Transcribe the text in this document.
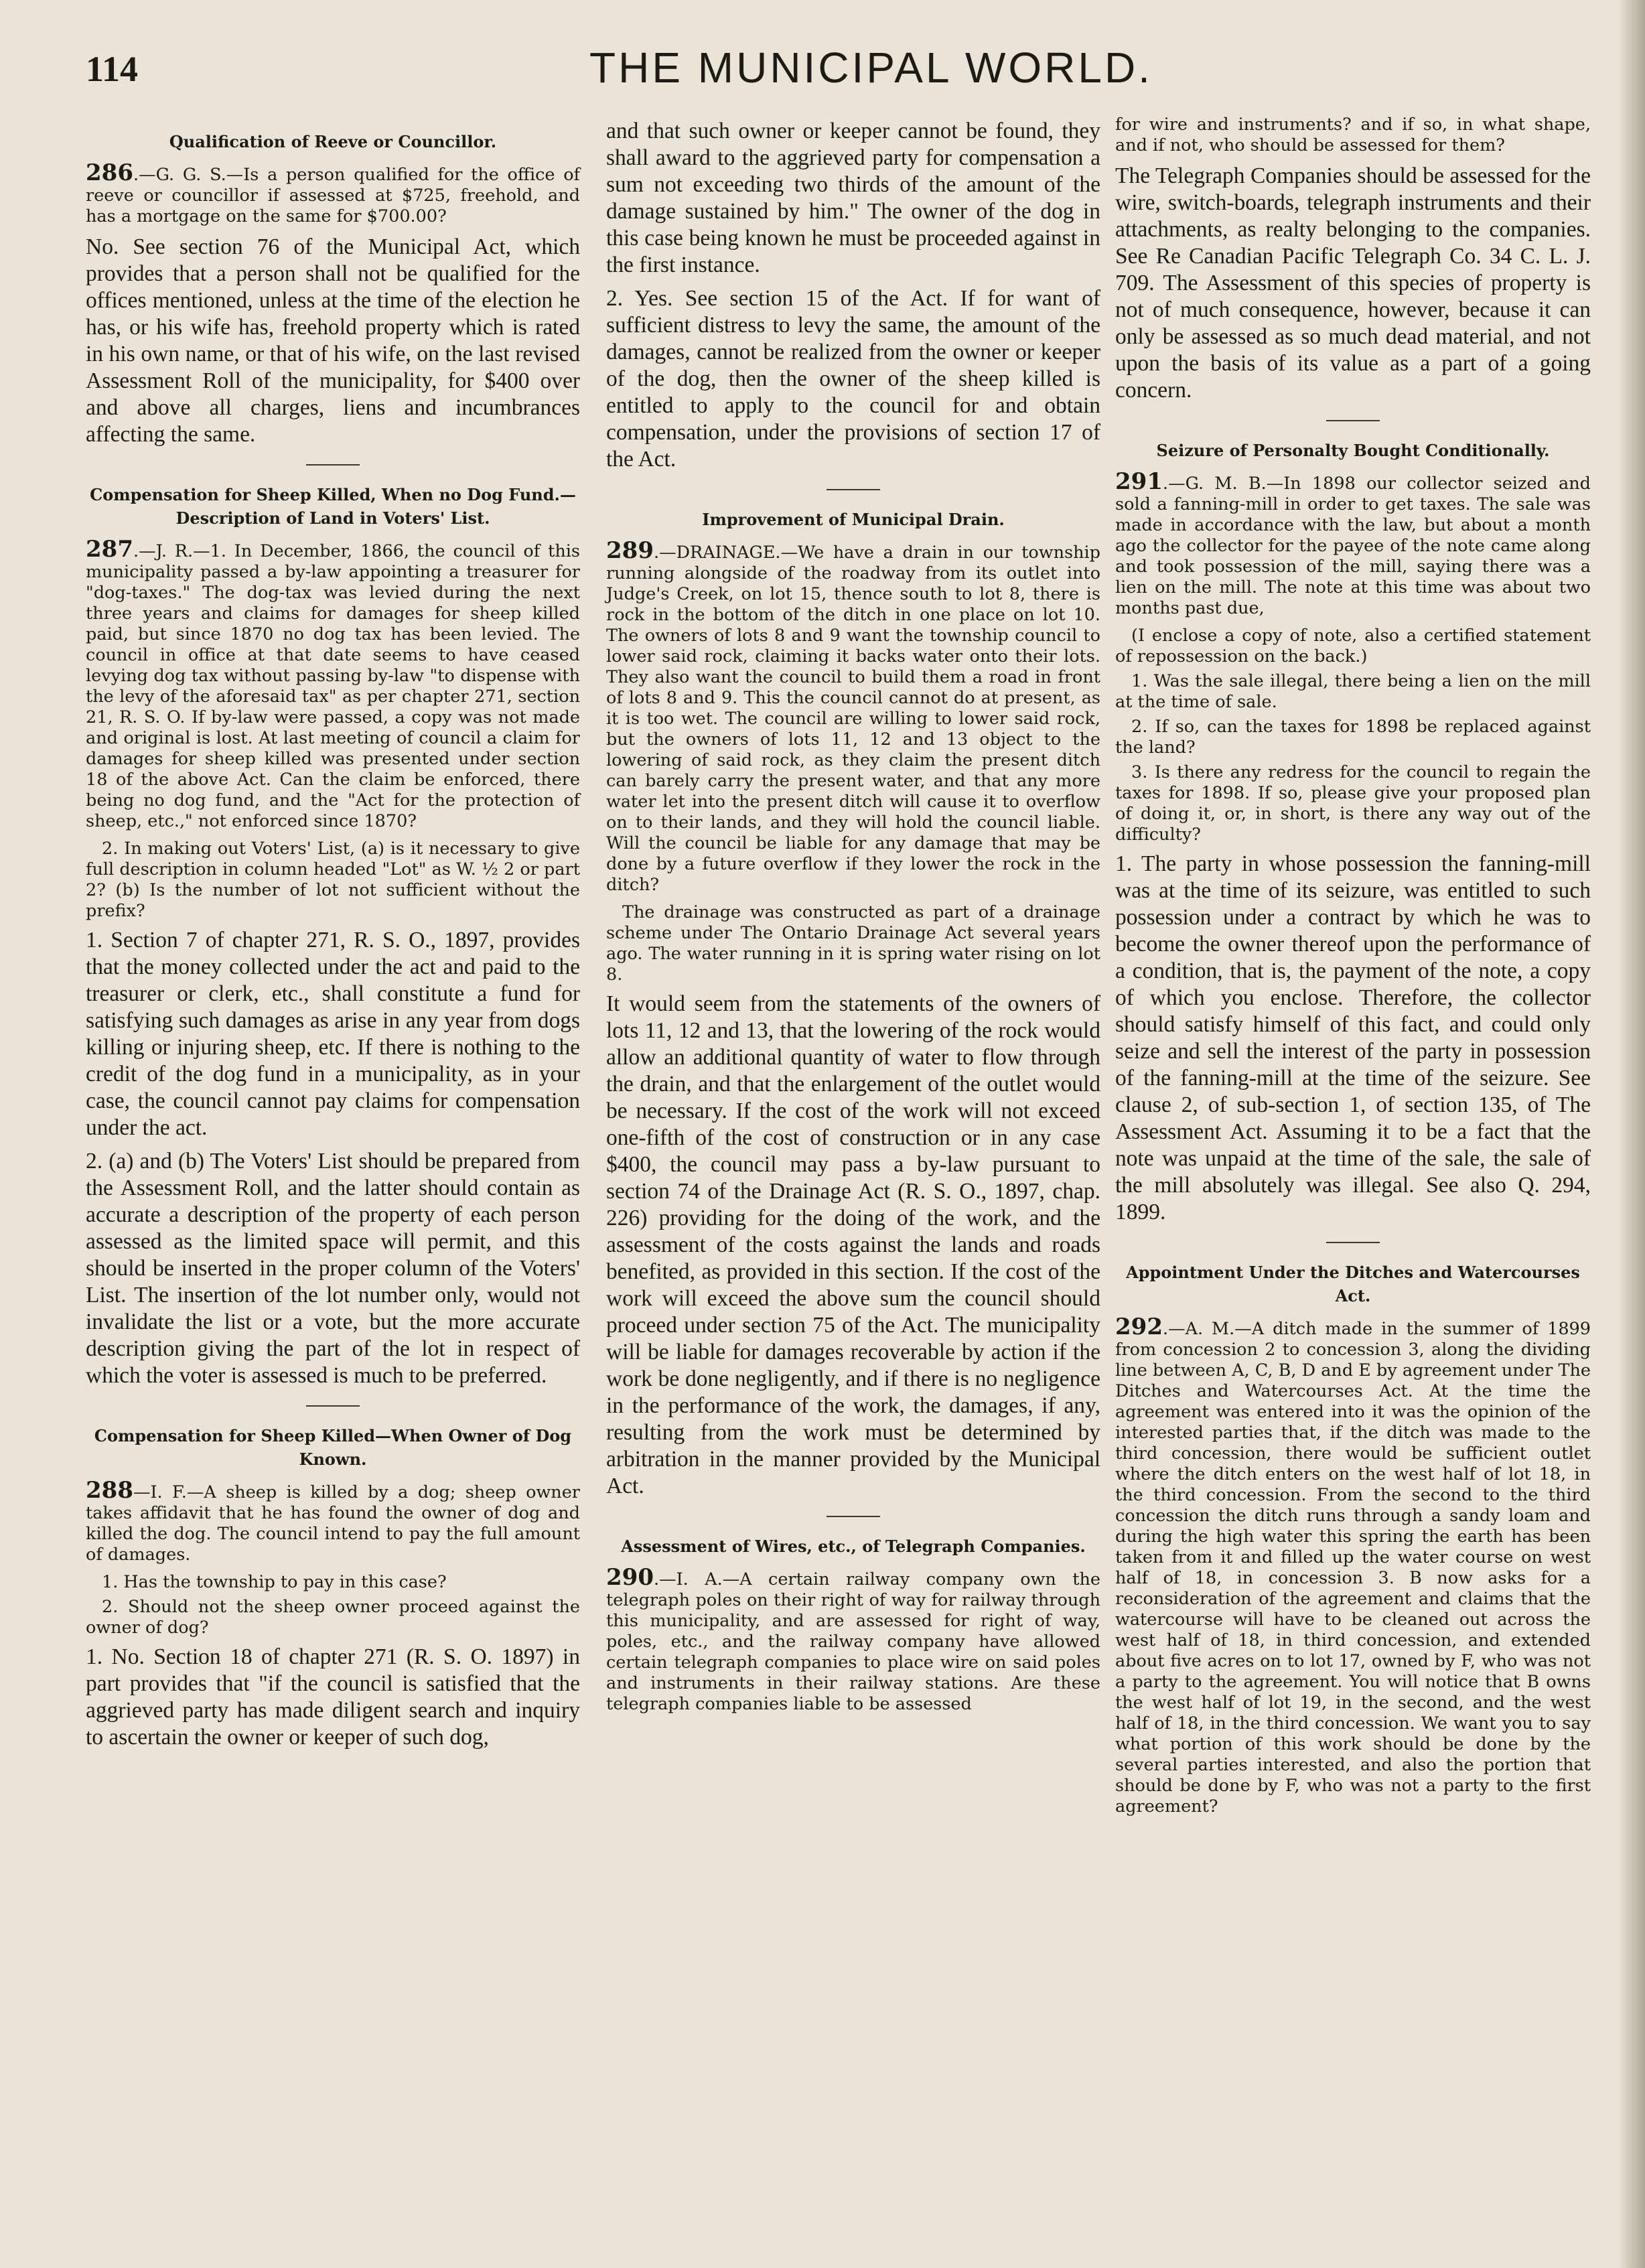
114	THE MUNICIPAL WORLD.
Qualification of Reeve or Councillor.

286.—G. G. S.—Is a person qualified for the office of reeve or councillor if assessed at $725, freehold, and has a mortgage on the same for $700.00?

No. See section 76 of the Municipal Act, which provides that a person shall not be qualified for the offices mentioned, unless at the time of the election he has, or his wife has, freehold property which is rated in his own name, or that of his wife, on the last revised Assessment Roll of the municipality, for $400 over and above all charges, liens and incumbrances affecting the same.

Compensation for Sheep Killed, When no Dog Fund.—Description of Land in Voters' List.

287.—J. R.—1. In December, 1866, the council of this municipality passed a by-law appointing a treasurer for "dog-taxes." The dog-tax was levied during the next three years and claims for damages for sheep killed paid, but since 1870 no dog tax has been levied. The council in office at that date seems to have ceased levying dog tax without passing by-law "to dispense with the levy of the aforesaid tax" as per chapter 271, section 21, R. S. O. If by-law were passed, a copy was not made and original is lost. At last meeting of council a claim for damages for sheep killed was presented under section 18 of the above Act. Can the claim be enforced, there being no dog fund, and the "Act for the protection of sheep, etc.," not enforced since 1870?

2. In making out Voters' List, (a) is it necessary to give full description in column headed "Lot" as W. ½ 2 or part 2? (b) Is the number of lot not sufficient without the prefix?

1. Section 7 of chapter 271, R. S. O., 1897, provides that the money collected under the act and paid to the treasurer or clerk, etc., shall constitute a fund for satisfying such damages as arise in any year from dogs killing or injuring sheep, etc. If there is nothing to the credit of the dog fund in a municipality, as in your case, the council cannot pay claims for compensation under the act.

2. (a) and (b) The Voters' List should be prepared from the Assessment Roll, and the latter should contain as accurate a description of the property of each person assessed as the limited space will permit, and this should be inserted in the proper column of the Voters' List. The insertion of the lot number only, would not invalidate the list or a vote, but the more accurate description giving the part of the lot in respect of which the voter is assessed is much to be preferred.

Compensation for Sheep Killed—When Owner of Dog Known.

288—I. F.—A sheep is killed by a dog; sheep owner takes affidavit that he has found the owner of dog and killed the dog. The council intend to pay the full amount of damages.

1. Has the township to pay in this case?

2. Should not the sheep owner proceed against the owner of dog?

1. No. Section 18 of chapter 271 (R. S. O. 1897) in part provides that "if the council is satisfied that the aggrieved party has made diligent search and inquiry to ascertain the owner or keeper of such dog,

and that such owner or keeper cannot be found, they shall award to the aggrieved party for compensation a sum not exceeding two thirds of the amount of the damage sustained by him." The owner of the dog in this case being known he must be proceeded against in the first instance.

2. Yes. See section 15 of the Act. If for want of sufficient distress to levy the same, the amount of the damages, cannot be realized from the owner or keeper of the dog, then the owner of the sheep killed is entitled to apply to the council for and obtain compensation, under the provisions of section 17 of the Act.

Improvement of Municipal Drain.

289.—DRAINAGE.—We have a drain in our township running alongside of the roadway from its outlet into Judge's Creek, on lot 15, thence south to lot 8, there is rock in the bottom of the ditch in one place on lot 10. The owners of lots 8 and 9 want the township council to lower said rock, claiming it backs water onto their lots. They also want the council to build them a road in front of lots 8 and 9. This the council cannot do at present, as it is too wet. The council are willing to lower said rock, but the owners of lots 11, 12 and 13 object to the lowering of said rock, as they claim the present ditch can barely carry the present water, and that any more water let into the present ditch will cause it to overflow on to their lands, and they will hold the council liable. Will the council be liable for any damage that may be done by a future overflow if they lower the rock in the ditch?

The drainage was constructed as part of a drainage scheme under The Ontario Drainage Act several years ago. The water running in it is spring water rising on lot 8.

It would seem from the statements of the owners of lots 11, 12 and 13, that the lowering of the rock would allow an additional quantity of water to flow through the drain, and that the enlargement of the outlet would be necessary. If the cost of the work will not exceed one-fifth of the cost of construction or in any case $400, the council may pass a by-law pursuant to section 74 of the Drainage Act (R. S. O., 1897, chap. 226) providing for the doing of the work, and the assessment of the costs against the lands and roads benefited, as provided in this section. If the cost of the work will exceed the above sum the council should proceed under section 75 of the Act. The municipality will be liable for damages recoverable by action if the work be done negligently, and if there is no negligence in the performance of the work, the damages, if any, resulting from the work must be determined by arbitration in the manner provided by the Municipal Act.

Assessment of Wires, etc., of Telegraph Companies.

290.—I. A.—A certain railway company own the telegraph poles on their right of way for railway through this municipality, and are assessed for right of way, poles, etc., and the railway company have allowed certain telegraph companies to place wire on said poles and instruments in their railway stations. Are these telegraph companies liable to be assessed

for wire and instruments? and if so, in what shape, and if not, who should be assessed for them?

The Telegraph Companies should be assessed for the wire, switch-boards, telegraph instruments and their attachments, as realty belonging to the companies. See Re Canadian Pacific Telegraph Co. 34 C. L. J. 709. The Assessment of this species of property is not of much consequence, however, because it can only be assessed as so much dead material, and not upon the basis of its value as a part of a going concern.

Seizure of Personalty Bought Conditionally.

291.—G. M. B.—In 1898 our collector seized and sold a fanning-mill in order to get taxes. The sale was made in accordance with the law, but about a month ago the collector for the payee of the note came along and took possession of the mill, saying there was a lien on the mill. The note at this time was about two months past due,

(I enclose a copy of note, also a certified statement of repossession on the back.)

1. Was the sale illegal, there being a lien on the mill at the time of sale.

2. If so, can the taxes for 1898 be replaced against the land?

3. Is there any redress for the council to regain the taxes for 1898. If so, please give your proposed plan of doing it, or, in short, is there any way out of the difficulty?

1. The party in whose possession the fanning-mill was at the time of its seizure, was entitled to such possession under a contract by which he was to become the owner thereof upon the performance of a condition, that is, the payment of the note, a copy of which you enclose. Therefore, the collector should satisfy himself of this fact, and could only seize and sell the interest of the party in possession of the fanning-mill at the time of the seizure. See clause 2, of sub-section 1, of section 135, of The Assessment Act. Assuming it to be a fact that the note was unpaid at the time of the sale, the sale of the mill absolutely was illegal. See also Q. 294, 1899.

Appointment Under the Ditches and Watercourses Act.

292.—A. M.—A ditch made in the summer of 1899 from concession 2 to concession 3, along the dividing line between A, C, B, D and E by agreement under The Ditches and Watercourses Act. At the time the agreement was entered into it was the opinion of the interested parties that, if the ditch was made to the third concession, there would be sufficient outlet where the ditch enters on the west half of lot 18, in the third concession. From the second to the third concession the ditch runs through a sandy loam and during the high water this spring the earth has been taken from it and filled up the water course on west half of 18, in concession 3. B now asks for a reconsideration of the agreement and claims that the watercourse will have to be cleaned out across the west half of 18, in third concession, and extended about five acres on to lot 17, owned by F, who was not a party to the agreement. You will notice that B owns the west half of lot 19, in the second, and the west half of 18, in the third concession. We want you to say what portion of this work should be done by the several parties interested, and also the portion that should be done by F, who was not a party to the first agreement?
